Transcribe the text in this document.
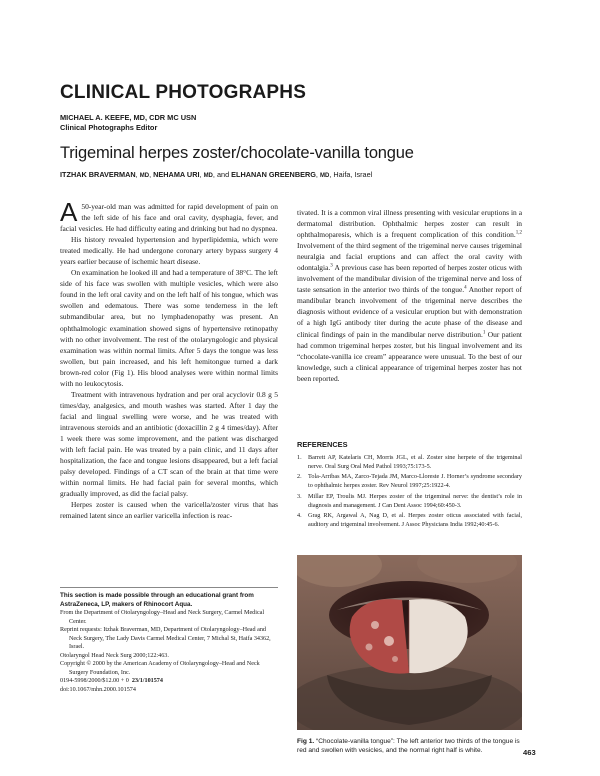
CLINICAL PHOTOGRAPHS
MICHAEL A. KEEFE, MD, CDR MC USN
Clinical Photographs Editor
Trigeminal herpes zoster/chocolate-vanilla tongue
ITZHAK BRAVERMAN, MD, NEHAMA URI, MD, and ELHANAN GREENBERG, MD, Haifa, Israel

A 50-year-old man was admitted for rapid development of pain on the left side of his face and oral cavity, dysphagia, fever, and facial vesicles. He had difficulty eating and drinking but had no dyspnea.

His history revealed hypertension and hyperlipidemia, which were treated medically. He had undergone coronary artery bypass surgery 4 years earlier because of ischemic heart disease.

On examination he looked ill and had a temperature of 38°C. The left side of his face was swollen with multiple vesicles, which were also found in the left oral cavity and on the left half of his tongue, which was swollen and edematous. There was some tenderness in the left submandibular area, but no lymphadenopathy was present. An ophthalmologic examination showed signs of hypertensive retinopathy with no other involvement. The rest of the otolaryngologic and physical examination was within normal limits. After 5 days the tongue was less swollen, but pain increased, and his left hemitongue turned a dark brown-red color (Fig 1). His blood analyses were within normal limits with no leukocytosis.

Treatment with intravenous hydration and per oral acyclovir 0.8 g 5 times/day, analgesics, and mouth washes was started. After 1 day the facial and lingual swelling were worse, and he was treated with intravenous steroids and an antibiotic (doxacillin 2 g 4 times/day). After 1 week there was some improvement, and the patient was discharged with left facial pain. He was treated by a pain clinic, and 11 days after hospitalization, the face and tongue lesions disappeared, but a left facial palsy developed. Findings of a CT scan of the brain at that time were within normal limits. He had facial pain for several months, which gradually improved, as did the facial palsy.

Herpes zoster is caused when the varicella/zoster virus that has remained latent since an earlier varicella infection is reac-

tivated. It is a common viral illness presenting with vesicular eruptions in a dermatomal distribution. Ophthalmic herpes zoster can result in ophthalmoparesis, which is a frequent complication of this condition.$^{1,2}$ Involvement of the third segment of the trigeminal nerve causes trigeminal neuralgia and facial eruptions and can affect the oral cavity with odontalgia.$^3$ A previous case has been reported of herpes zoster oticus with involvement of the mandibular division of the trigeminal nerve and loss of taste sensation in the anterior two thirds of the tongue.$^4$ Another report of mandibular branch involvement of the trigeminal nerve describes the diagnosis without evidence of a vesicular eruption but with demonstration of a high IgG antibody titer during the acute phase of the disease and clinical findings of pain in the mandibular nerve distribution.$^1$ Our patient had common trigeminal herpes zoster, but his lingual involvement and its “chocolate-vanilla ice cream” appearance were unusual. To the best of our knowledge, such a clinical appearance of trigeminal herpes zoster has not been reported.

REFERENCES
1. Barrett AP, Katelaris CH, Morris JGL, et al. Zoster sine herpete of the trigeminal nerve. Oral Surg Oral Med Pathol 1993;75:173-5.
2. Tola-Arribas MA, Zarco-Tejada JM, Marco-Lloreste J. Horner’s syndrome secondary to ophthalmic herpes zoster. Rev Neurol 1997;25:1922-4.
3. Millar EP, Troulis MJ. Herpes zoster of the trigeminal nerve: the dentist’s role in diagnosis and management. J Can Dent Assoc 1994;60:450-3.
4. Grag RK, Argawal A, Nag D, et al. Herpes zoster oticus associated with facial, auditory and trigeminal involvement. J Assoc Physicians India 1992;40:45-6.
This section is made possible through an educational grant from AstraZeneca, LP, makers of Rhinocort Aqua.
From the Department of Otolaryngology–Head and Neck Surgery, Carmel Medical Center.
Reprint requests: Itzhak Braverman, MD, Department of Otolaryngology–Head and Neck Surgery, The Lady Davis Carmel Medical Center, 7 Michal St, Haifa 34362, Israel.
Otolaryngol Head Neck Surg 2000;122:463.
Copyright © 2000 by the American Academy of Otolaryngology–Head and Neck Surgery Foundation, Inc.
0194-5998/2000/$12.00 + 0 23/1/101574
doi:10.1067/mhn.2000.101574
Fig 1. “Chocolate-vanilla tongue”: The left anterior two thirds of the tongue is red and swollen with vesicles, and the normal right half is white.	463
